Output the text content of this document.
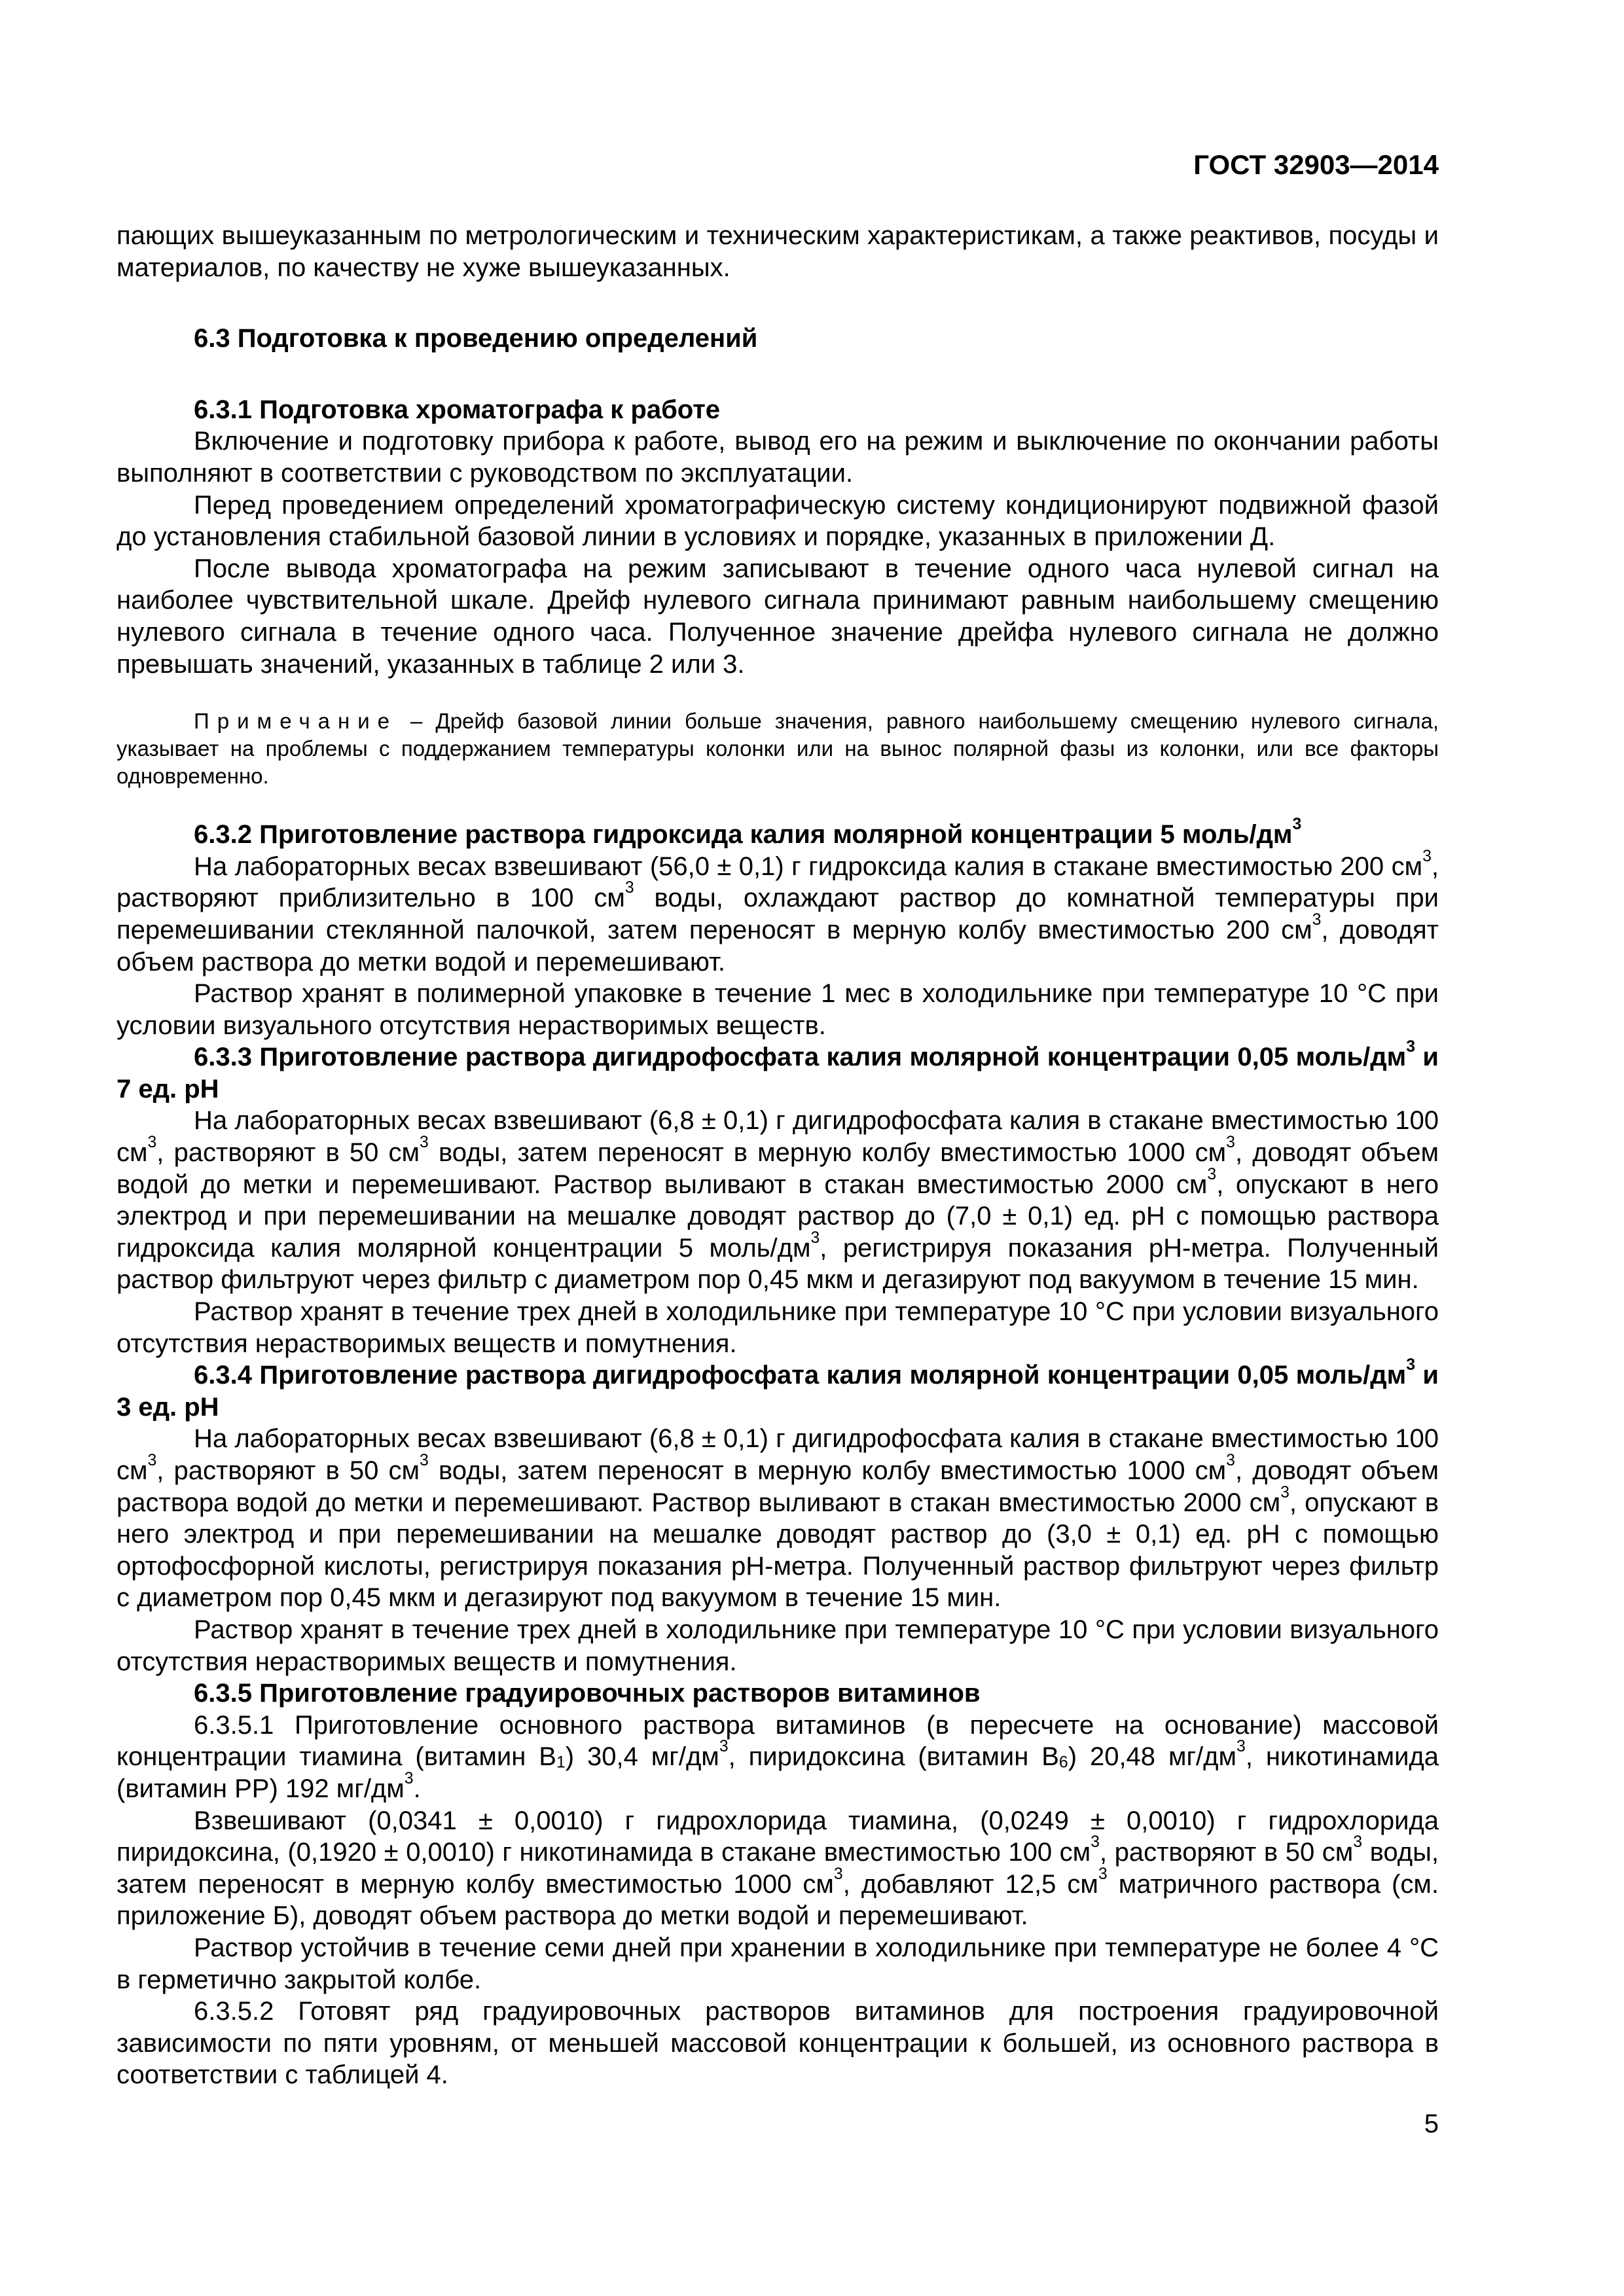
ГОСТ 32903—2014

пающих вышеуказанным по метрологическим и техническим характеристикам, а также реактивов, посуды и материалов, по качеству не хуже вышеуказанных.

6.3 Подготовка к проведению определений

6.3.1 Подготовка хроматографа к работе

Включение и подготовку прибора к работе, вывод его на режим и выключение по окончании работы выполняют в соответствии с руководством по эксплуатации.

Перед проведением определений хроматографическую систему кондиционируют подвижной фазой до установления стабильной базовой линии в условиях и порядке, указанных в приложении Д.

После вывода хроматографа на режим записывают в течение одного часа нулевой сигнал на наиболее чувствительной шкале. Дрейф нулевого сигнала принимают равным наибольшему смещению нулевого сигнала в течение одного часа. Полученное значение дрейфа нулевого сигнала не должно превышать значений, указанных в таблице 2 или 3.

Примечание – Дрейф базовой линии больше значения, равного наибольшему смещению нулевого сигнала, указывает на проблемы с поддержанием температуры колонки или на вынос полярной фазы из колонки, или все факторы одновременно.

6.3.2 Приготовление раствора гидроксида калия молярной концентрации 5 моль/$дм^3$

На лабораторных весах взвешивают (56,0 ± 0,1) г гидроксида калия в стакане вместимостью 200 $см^3$, растворяют приблизительно в 100 $см^3$ воды, охлаждают раствор до комнатной температуры при перемешивании стеклянной палочкой, затем переносят в мерную колбу вместимостью 200 $см^3$, доводят объем раствора до метки водой и перемешивают.

Раствор хранят в полимерной упаковке в течение 1 мес в холодильнике при температуре 10 °С при условии визуального отсутствия нерастворимых веществ.

6.3.3 Приготовление раствора дигидрофосфата калия молярной концентрации 0,05 моль/$дм^3$ и 7 ед. рН

На лабораторных весах взвешивают (6,8 ± 0,1) г дигидрофосфата калия в стакане вместимостью 100 $см^3$, растворяют в 50 $см^3$ воды, затем переносят в мерную колбу вместимостью 1000 $см^3$, доводят объем водой до метки и перемешивают. Раствор выливают в стакан вместимостью 2000 $см^3$, опускают в него электрод и при перемешивании на мешалке доводят раствор до (7,0 ± 0,1) ед. рН с помощью раствора гидроксида калия молярной концентрации 5 моль/$дм^3$, регистрируя показания рН-метра. Полученный раствор фильтруют через фильтр с диаметром пор 0,45 мкм и дегазируют под вакуумом в течение 15 мин.

Раствор хранят в течение трех дней в холодильнике при температуре 10 °С при условии визуального отсутствия нерастворимых веществ и помутнения.

6.3.4 Приготовление раствора дигидрофосфата калия молярной концентрации 0,05 моль/$дм^3$ и 3 ед. рН

На лабораторных весах взвешивают (6,8 ± 0,1) г дигидрофосфата калия в стакане вместимостью 100 $см^3$, растворяют в 50 $см^3$ воды, затем переносят в мерную колбу вместимостью 1000 $см^3$, доводят объем раствора водой до метки и перемешивают. Раствор выливают в стакан вместимостью 2000 $см^3$, опускают в него электрод и при перемешивании на мешалке доводят раствор до (3,0 ± 0,1) ед. рН с помощью ортофосфорной кислоты, регистрируя показания рН-метра. Полученный раствор фильтруют через фильтр с диаметром пор 0,45 мкм и дегазируют под вакуумом в течение 15 мин.

Раствор хранят в течение трех дней в холодильнике при температуре 10 °С при условии визуального отсутствия нерастворимых веществ и помутнения.

6.3.5 Приготовление градуировочных растворов витаминов

6.3.5.1 Приготовление основного раствора витаминов (в пересчете на основание) массовой концентрации тиамина (витамин $B_1$) 30,4 $мг/дм^3$, пиридоксина (витамин $B_6$) 20,48 $мг/дм^3$, никотинамида (витамин PP) 192 $мг/дм^3$.

Взвешивают (0,0341 ± 0,0010) г гидрохлорида тиамина, (0,0249 ± 0,0010) г гидрохлорида пиридоксина, (0,1920 ± 0,0010) г никотинамида в стакане вместимостью 100 $см^3$, растворяют в 50 $см^3$ воды, затем переносят в мерную колбу вместимостью 1000 $см^3$, добавляют 12,5 $см^3$ матричного раствора (см. приложение Б), доводят объем раствора до метки водой и перемешивают.

Раствор устойчив в течение семи дней при хранении в холодильнике при температуре не более 4 °С в герметично закрытой колбе.

6.3.5.2 Готовят ряд градуировочных растворов витаминов для построения градуировочной зависимости по пяти уровням, от меньшей массовой концентрации к большей, из основного раствора в соответствии с таблицей 4.

5
